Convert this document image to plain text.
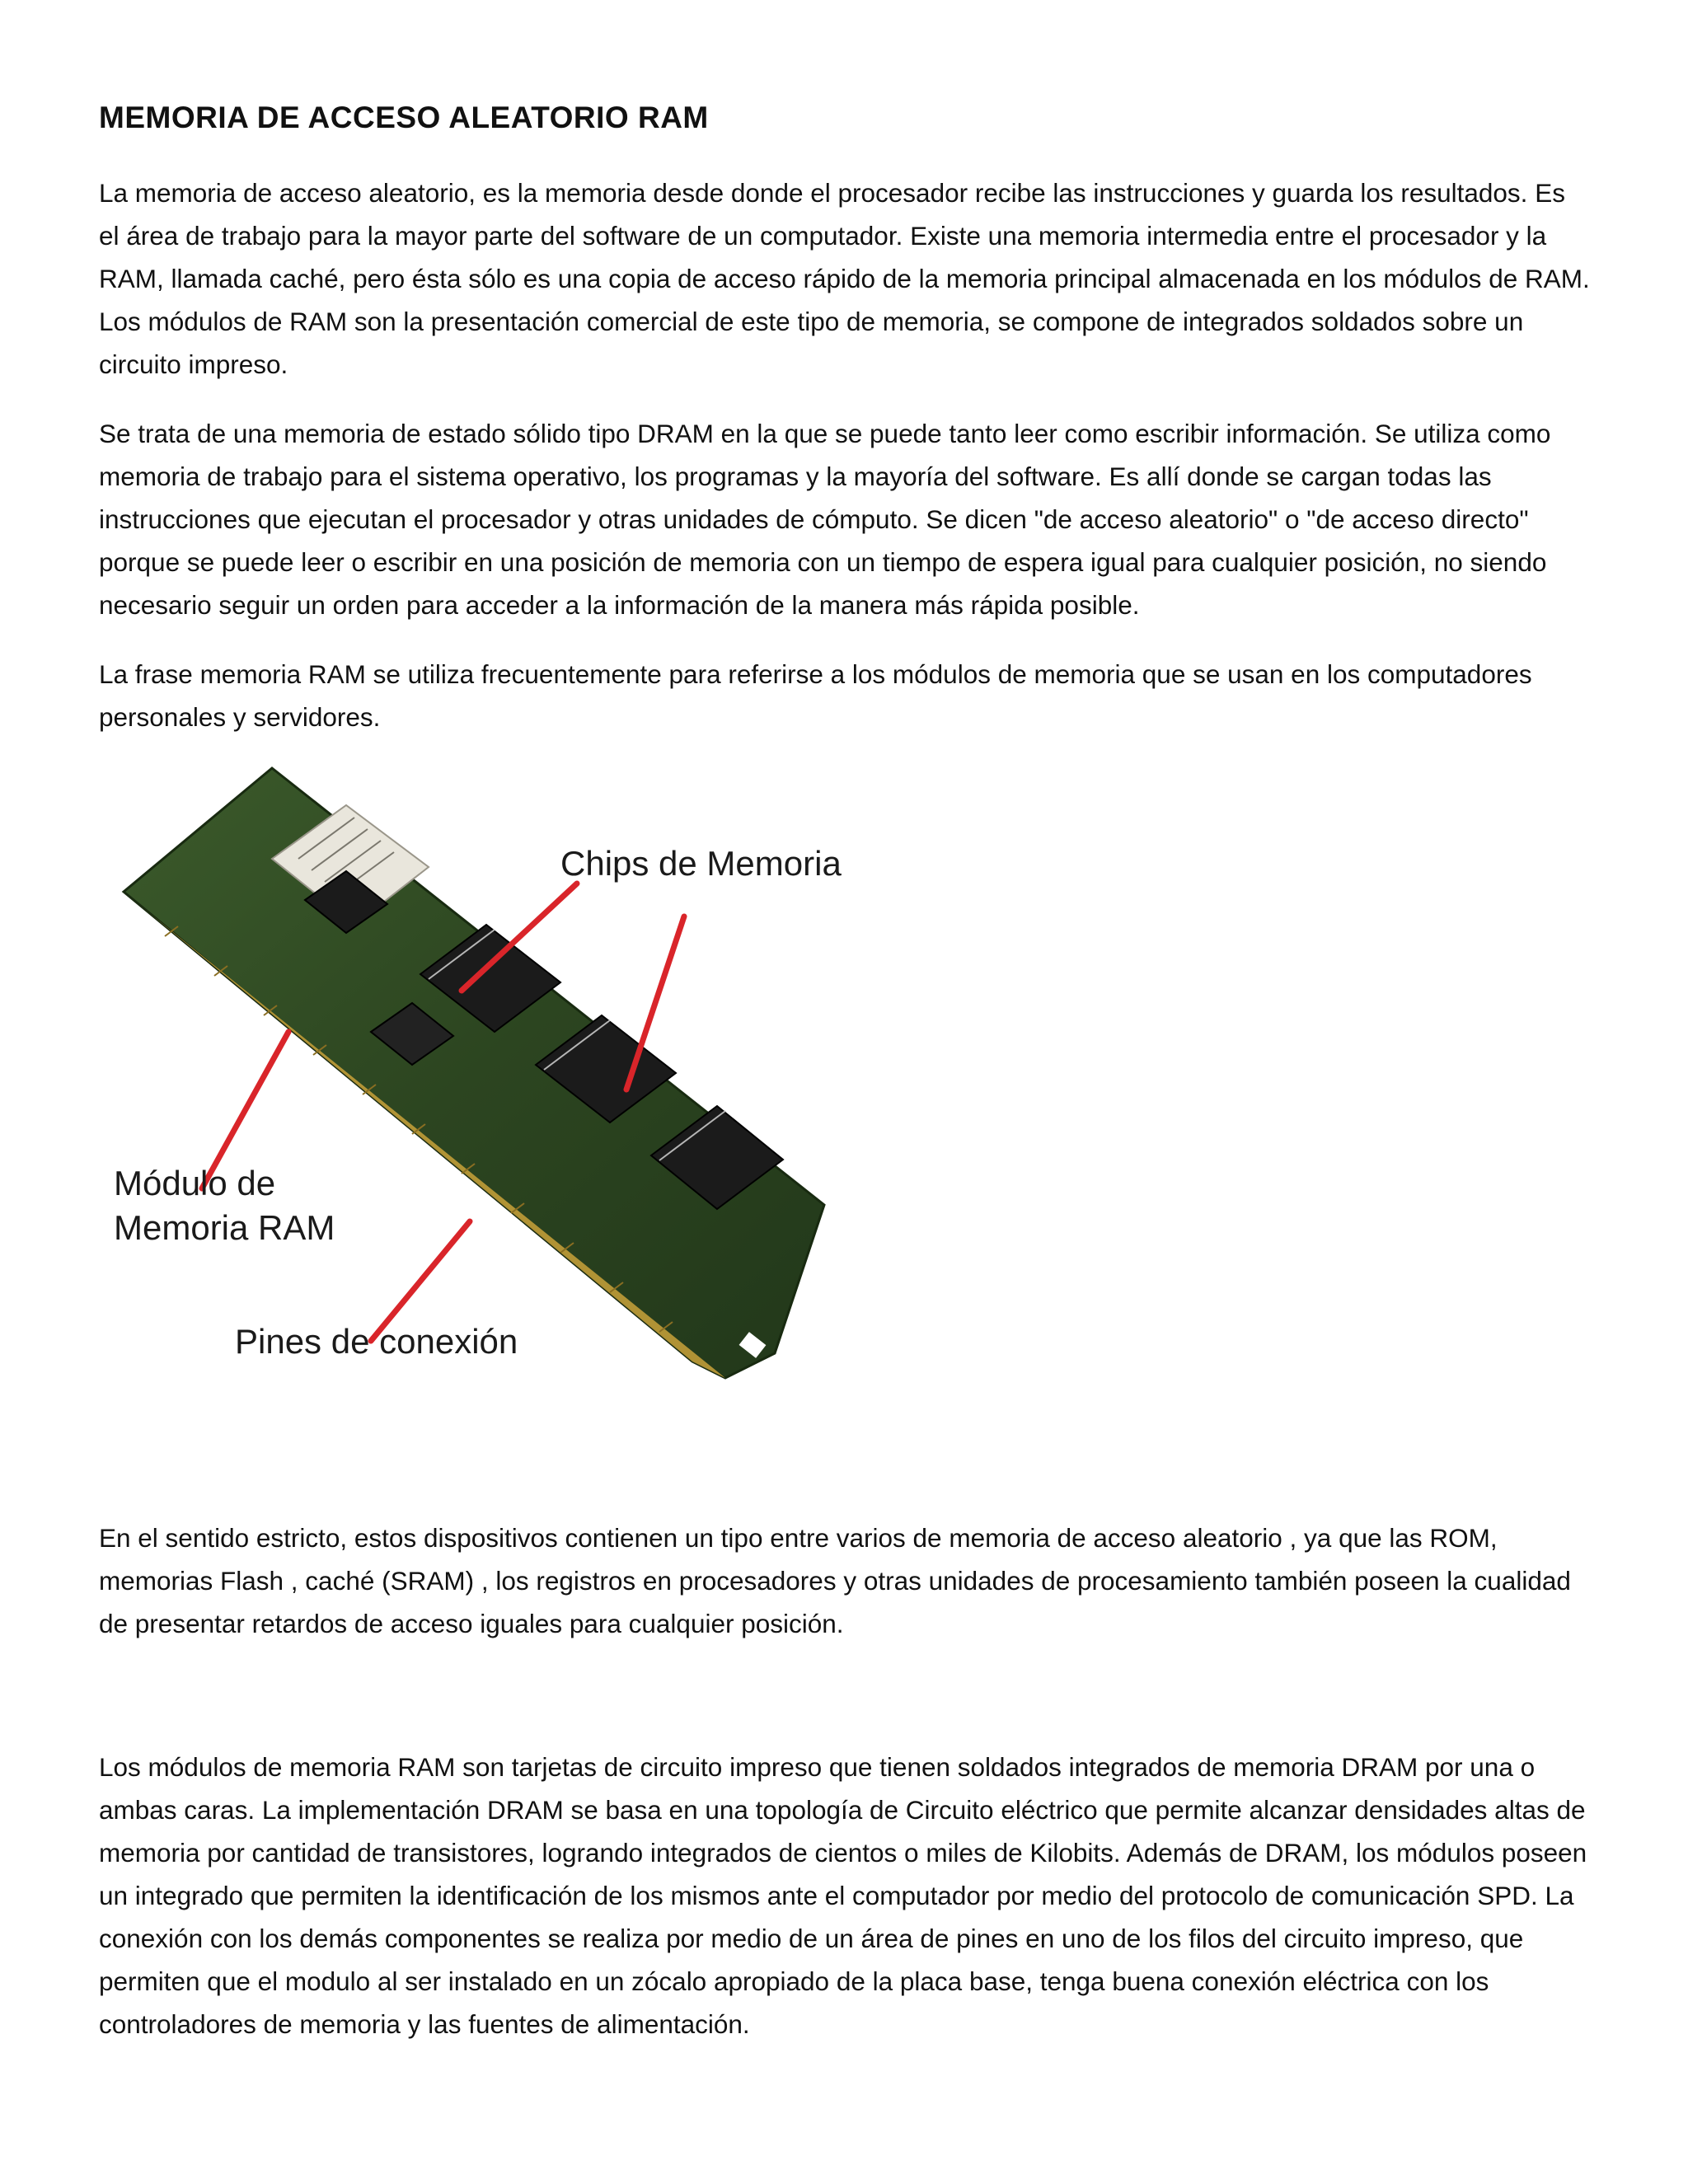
MEMORIA DE ACCESO ALEATORIO RAM

La memoria de acceso aleatorio, es la memoria desde donde el procesador recibe las instrucciones y guarda los resultados. Es el área de trabajo para la mayor parte del software de un computador. Existe una memoria intermedia entre el procesador y la RAM, llamada caché, pero ésta sólo es una copia de acceso rápido de la memoria principal almacenada en los módulos de RAM. Los módulos de RAM son la presentación comercial de este tipo de memoria, se compone de integrados soldados sobre un circuito impreso.

Se trata de una memoria de estado sólido tipo DRAM en la que se puede tanto leer como escribir información. Se utiliza como memoria de trabajo para el sistema operativo, los programas y la mayoría del software. Es allí donde se cargan todas las instrucciones que ejecutan el procesador y otras unidades de cómputo. Se dicen "de acceso aleatorio" o "de acceso directo" porque se puede leer o escribir en una posición de memoria con un tiempo de espera igual para cualquier posición, no siendo necesario seguir un orden para acceder a la información de la manera más rápida posible.

La frase memoria RAM se utiliza frecuentemente para referirse a los módulos de memoria que se usan en los computadores personales y servidores.

Chips de Memoria
Módulo de
Memoria RAM
Pines de conexión

En el sentido estricto, estos dispositivos contienen un tipo entre varios de memoria de acceso aleatorio , ya que las ROM, memorias Flash , caché (SRAM) , los registros en procesadores y otras unidades de procesamiento también poseen la cualidad de presentar retardos de acceso iguales para cualquier posición.

Los módulos de memoria RAM son tarjetas de circuito impreso que tienen soldados integrados de memoria DRAM por una o ambas caras. La implementación DRAM se basa en una topología de Circuito eléctrico que permite alcanzar densidades altas de memoria por cantidad de transistores, logrando integrados de cientos o miles de Kilobits. Además de DRAM, los módulos poseen un integrado que permiten la identificación de los mismos ante el computador por medio del protocolo de comunicación SPD. La conexión con los demás componentes se realiza por medio de un área de pines en uno de los filos del circuito impreso, que permiten que el modulo al ser instalado en un zócalo apropiado de la placa base, tenga buena conexión eléctrica con los controladores de memoria y las fuentes de alimentación.
